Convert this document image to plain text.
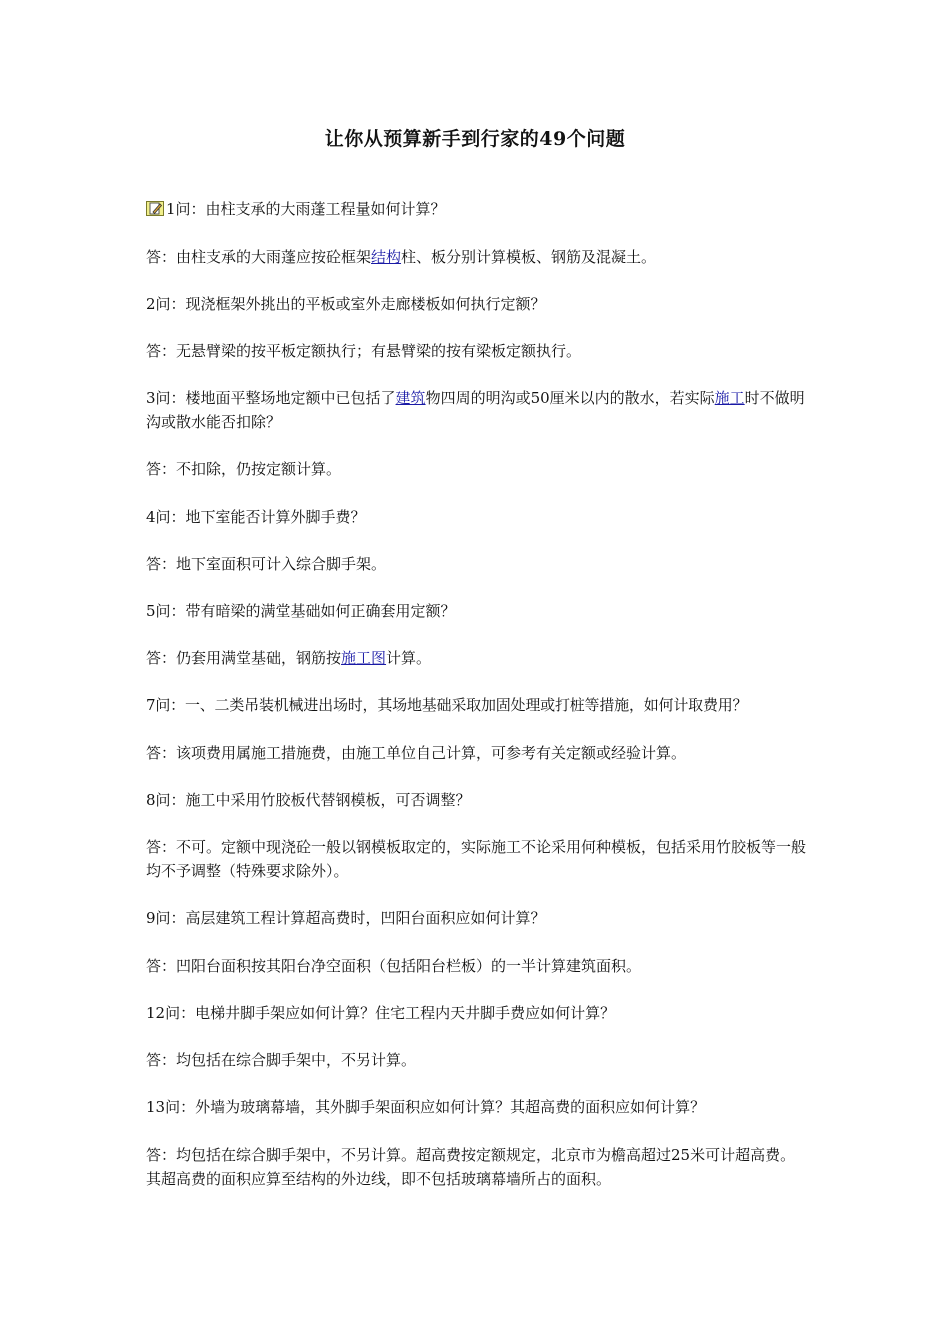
让你从预算新手到行家的49个问题

1问：由柱支承的大雨蓬工程量如何计算？

答：由柱支承的大雨蓬应按砼框架结构柱、板分别计算模板、钢筋及混凝土。

2问：现浇框架外挑出的平板或室外走廊楼板如何执行定额？

答：无悬臂梁的按平板定额执行；有悬臂梁的按有梁板定额执行。

3问：楼地面平整场地定额中已包括了建筑物四周的明沟或50厘米以内的散水，若实际施工时不做明沟或散水能否扣除？

答：不扣除，仍按定额计算。

4问：地下室能否计算外脚手费？

答：地下室面积可计入综合脚手架。

5问：带有暗梁的满堂基础如何正确套用定额？

答：仍套用满堂基础，钢筋按施工图计算。

7问：一、二类吊装机械进出场时，其场地基础采取加固处理或打桩等措施，如何计取费用？

答：该项费用属施工措施费，由施工单位自己计算，可参考有关定额或经验计算。

8问：施工中采用竹胶板代替钢模板，可否调整？

答：不可。定额中现浇砼一般以钢模板取定的，实际施工不论采用何种模板，包括采用竹胶板等一般均不予调整（特殊要求除外）。

9问：高层建筑工程计算超高费时，凹阳台面积应如何计算？

答：凹阳台面积按其阳台净空面积（包括阳台栏板）的一半计算建筑面积。

12问：电梯井脚手架应如何计算？住宅工程内天井脚手费应如何计算？

答：均包括在综合脚手架中，不另计算。

13问：外墙为玻璃幕墙，其外脚手架面积应如何计算？其超高费的面积应如何计算？

答：均包括在综合脚手架中，不另计算。超高费按定额规定，北京市为檐高超过25米可计超高费。其超高费的面积应算至结构的外边线，即不包括玻璃幕墙所占的面积。
